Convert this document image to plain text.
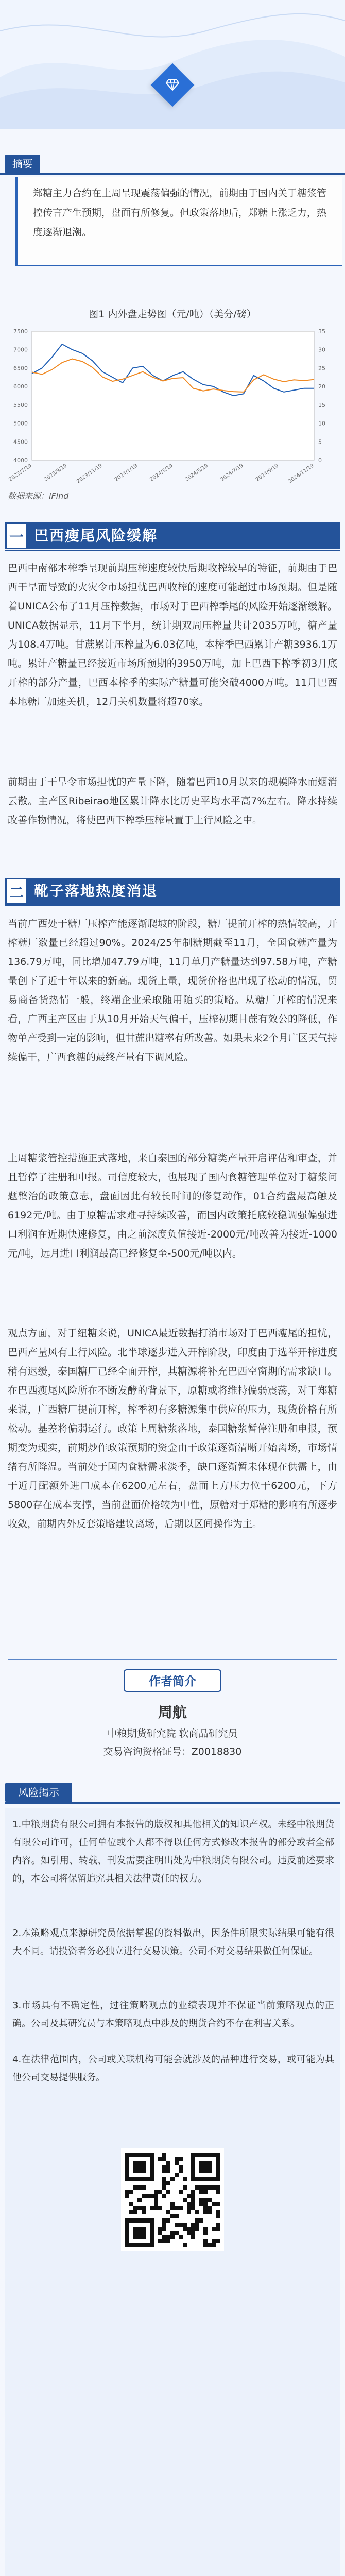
摘要

郑糖主力合约在上周呈现震荡偏强的情况，前期由于国内关于糖浆管控传言产生预期，盘面有所修复。但政策落地后，郑糖上涨乏力，热度逐渐退潮。

图1 内外盘走势图（元/吨）（美分/磅）
4000
4500
5000
5500
6000
6500
7000
7500
0
5
10
15
20
25
30
35
2023/7/19 2023/9/19 2023/11/19 2024/1/19 2024/3/19 2024/5/19 2024/7/19 2024/9/19 2024/11/19
数据来源：iFind
一 巴西瘦尾风险缓解

巴西中南部本榨季呈现前期压榨速度较快后期收榨较早的特征，前期由于巴西干旱而导致的火灾令市场担忧巴西收榨的速度可能超过市场预期。但是随着UNICA公布了11月压榨数据，市场对于巴西榨季尾的风险开始逐渐缓解。UNICA数据显示，11月下半月，统计期双周压榨量共计2035万吨，糖产量为108.4万吨。甘蔗累计压榨量为6.03亿吨，本榨季巴西累计产糖3936.1万吨。累计产糖量已经接近市场所预期的3950万吨，加上巴西下榨季初3月底开榨的部分产量，巴西本榨季的实际产糖量可能突破4000万吨。11月巴西本地糖厂加速关机，12月关机数量将超70家。

前期由于干旱令市场担忧的产量下降，随着巴西10月以来的规模降水而烟消云散。主产区Ribeirao地区累计降水比历史平均水平高7%左右。降水持续改善作物情况，将使巴西下榨季压榨量置于上行风险之中。

二 靴子落地热度消退

当前广西处于糖厂压榨产能逐渐爬坡的阶段，糖厂提前开榨的热情较高，开榨糖厂数量已经超过90%。2024/25年制糖期截至11月，全国食糖产量为136.79万吨，同比增加47.79万吨，11月单月产糖量达到97.58万吨，产糖量创下了近十年以来的新高。现货上量，现货价格也出现了松动的情况，贸易商备货热情一般，终端企业采取随用随买的策略。从糖厂开榨的情况来看，广西主产区由于从10月开始天气偏干，压榨初期甘蔗有效公的降低，作物单产受到一定的影响，但甘蔗出糖率有所改善。如果未来2个月广区天气持续偏干，广西食糖的最终产量有下调风险。

上周糖浆管控措施正式落地，来自泰国的部分糖类产量开启评估和审查，并且暂停了注册和申报。司信度较大，也展现了国内食糖管理单位对于糖浆问题整治的政策意志，盘面因此有较长时间的修复动作，01合约盘最高触及6192元/吨。由于原糖需求难寻持续改善，而国内政策托底较稳调强偏强进口利润在近期快速修复，由之前深度负值接近-2000元/吨改善为接近-1000元/吨，远月进口利润最高已经修复至-500元/吨以内。

观点方面，对于纽糖来说，UNICA最近数据打消市场对于巴西瘦尾的担忧，巴西产量风有上行风险。北半球逐步进入开榨阶段，印度由于选举开榨进度稍有迟缓，泰国糖厂已经全面开榨，其糖源将补充巴西空窗期的需求缺口。在巴西瘦尾风险所在不断发酵的背景下，原糖或将维持偏弱震荡，对于郑糖来说，广西糖厂提前开榨，榨季初有多糖源集中供应的压力，现货价格有所松动。基差将偏弱运行。政策上周糖浆落地，泰国糖浆暂停注册和申报，预期变为现实，前期炒作政策预期的资金由于政策逐渐清晰开始离场，市场情绪有所降温。当前处于国内食糖需求淡季，缺口逐渐暂未体现在供需上，由于近月配额外进口成本在6200元左右，盘面上方压力位于6200元，下方5800存在成本支撑，当前盘面价格较为中性，原糖对于郑糖的影响有所逐步收敛，前期内外反套策略建议离场，后期以区间操作为主。

作者简介
周航
中粮期货研究院 软商品研究员
交易咨询资格证号：Z0018830
风险揭示

1.中粮期货有限公司拥有本报告的版权和其他相关的知识产权。未经中粮期货有限公司许可，任何单位或个人都不得以任何方式修改本报告的部分或者全部内容。如引用、转载、刊发需要注明出处为中粮期货有限公司。违反前述要求的，本公司将保留追究其相关法律责任的权力。

2.本策略观点来源研究员依据掌握的资料做出，因条件所限实际结果可能有很大不同。请投资者务必独立进行交易决策。公司不对交易结果做任何保证。

3.市场具有不确定性，过往策略观点的业绩表现并不保证当前策略观点的正确。公司及其研究员与本策略观点中涉及的期货合约不存在利害关系。

4.在法律范围内，公司或关联机构可能会就涉及的品种进行交易，或可能为其他公司交易提供服务。
